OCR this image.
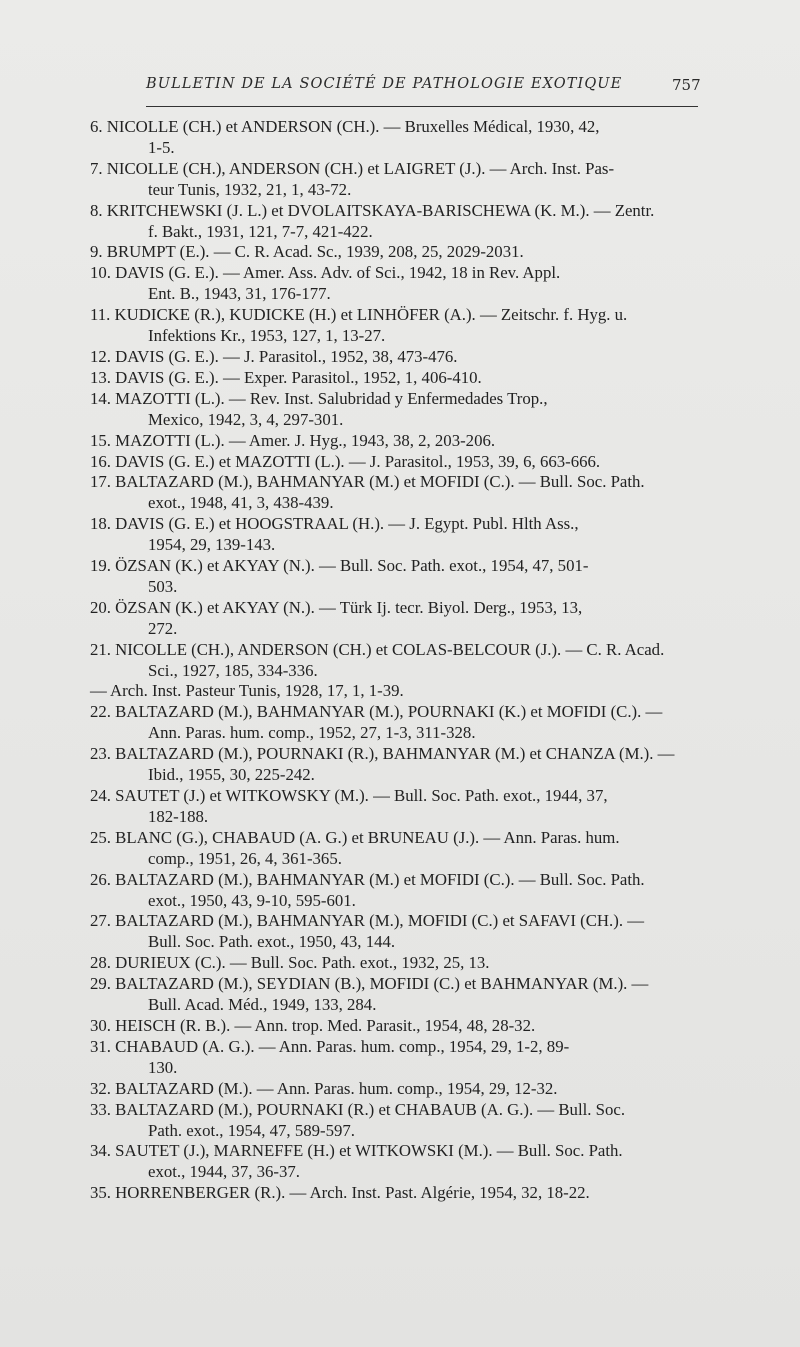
BULLETIN DE LA SOCIÉTÉ DE PATHOLOGIE EXOTIQUE	757
6. NICOLLE (CH.) et ANDERSON (CH.). — Bruxelles Médical, 1930, 42,
1-5.
7. NICOLLE (CH.), ANDERSON (CH.) et LAIGRET (J.). — Arch. Inst. Pas-
teur Tunis, 1932, 21, 1, 43-72.
8. KRITCHEWSKI (J. L.) et DVOLAITSKAYA-BARISCHEWA (K. M.). — Zentr.
f. Bakt., 1931, 121, 7-7, 421-422.
9. BRUMPT (E.). — C. R. Acad. Sc., 1939, 208, 25, 2029-2031.
10. DAVIS (G. E.). — Amer. Ass. Adv. of Sci., 1942, 18 in Rev. Appl.
Ent. B., 1943, 31, 176-177.
11. KUDICKE (R.), KUDICKE (H.) et LINHÖFER (A.). — Zeitschr. f. Hyg. u.
Infektions Kr., 1953, 127, 1, 13-27.
12. DAVIS (G. E.). — J. Parasitol., 1952, 38, 473-476.
13. DAVIS (G. E.). — Exper. Parasitol., 1952, 1, 406-410.
14. MAZOTTI (L.). — Rev. Inst. Salubridad y Enfermedades Trop.,
Mexico, 1942, 3, 4, 297-301.
15. MAZOTTI (L.). — Amer. J. Hyg., 1943, 38, 2, 203-206.
16. DAVIS (G. E.) et MAZOTTI (L.). — J. Parasitol., 1953, 39, 6, 663-666.
17. BALTAZARD (M.), BAHMANYAR (M.) et MOFIDI (C.). — Bull. Soc. Path.
exot., 1948, 41, 3, 438-439.
18. DAVIS (G. E.) et HOOGSTRAAL (H.). — J. Egypt. Publ. Hlth Ass.,
1954, 29, 139-143.
19. ÖZSAN (K.) et AKYAY (N.). — Bull. Soc. Path. exot., 1954, 47, 501-
503.
20. ÖZSAN (K.) et AKYAY (N.). — Türk Ij. tecr. Biyol. Derg., 1953, 13,
272.
21. NICOLLE (CH.), ANDERSON (CH.) et COLAS-BELCOUR (J.). — C. R. Acad.
Sci., 1927, 185, 334-336.
— Arch. Inst. Pasteur Tunis, 1928, 17, 1, 1-39.
22. BALTAZARD (M.), BAHMANYAR (M.), POURNAKI (K.) et MOFIDI (C.). —
Ann. Paras. hum. comp., 1952, 27, 1-3, 311-328.
23. BALTAZARD (M.), POURNAKI (R.), BAHMANYAR (M.) et CHANZA (M.). —
Ibid., 1955, 30, 225-242.
24. SAUTET (J.) et WITKOWSKY (M.). — Bull. Soc. Path. exot., 1944, 37,
182-188.
25. BLANC (G.), CHABAUD (A. G.) et BRUNEAU (J.). — Ann. Paras. hum.
comp., 1951, 26, 4, 361-365.
26. BALTAZARD (M.), BAHMANYAR (M.) et MOFIDI (C.). — Bull. Soc. Path.
exot., 1950, 43, 9-10, 595-601.
27. BALTAZARD (M.), BAHMANYAR (M.), MOFIDI (C.) et SAFAVI (CH.). —
Bull. Soc. Path. exot., 1950, 43, 144.
28. DURIEUX (C.). — Bull. Soc. Path. exot., 1932, 25, 13.
29. BALTAZARD (M.), SEYDIAN (B.), MOFIDI (C.) et BAHMANYAR (M.). —
Bull. Acad. Méd., 1949, 133, 284.
30. HEISCH (R. B.). — Ann. trop. Med. Parasit., 1954, 48, 28-32.
31. CHABAUD (A. G.). — Ann. Paras. hum. comp., 1954, 29, 1-2, 89-
130.
32. BALTAZARD (M.). — Ann. Paras. hum. comp., 1954, 29, 12-32.
33. BALTAZARD (M.), POURNAKI (R.) et CHABAUB (A. G.). — Bull. Soc.
Path. exot., 1954, 47, 589-597.
34. SAUTET (J.), MARNEFFE (H.) et WITKOWSKI (M.). — Bull. Soc. Path.
exot., 1944, 37, 36-37.
35. HORRENBERGER (R.). — Arch. Inst. Past. Algérie, 1954, 32, 18-22.
